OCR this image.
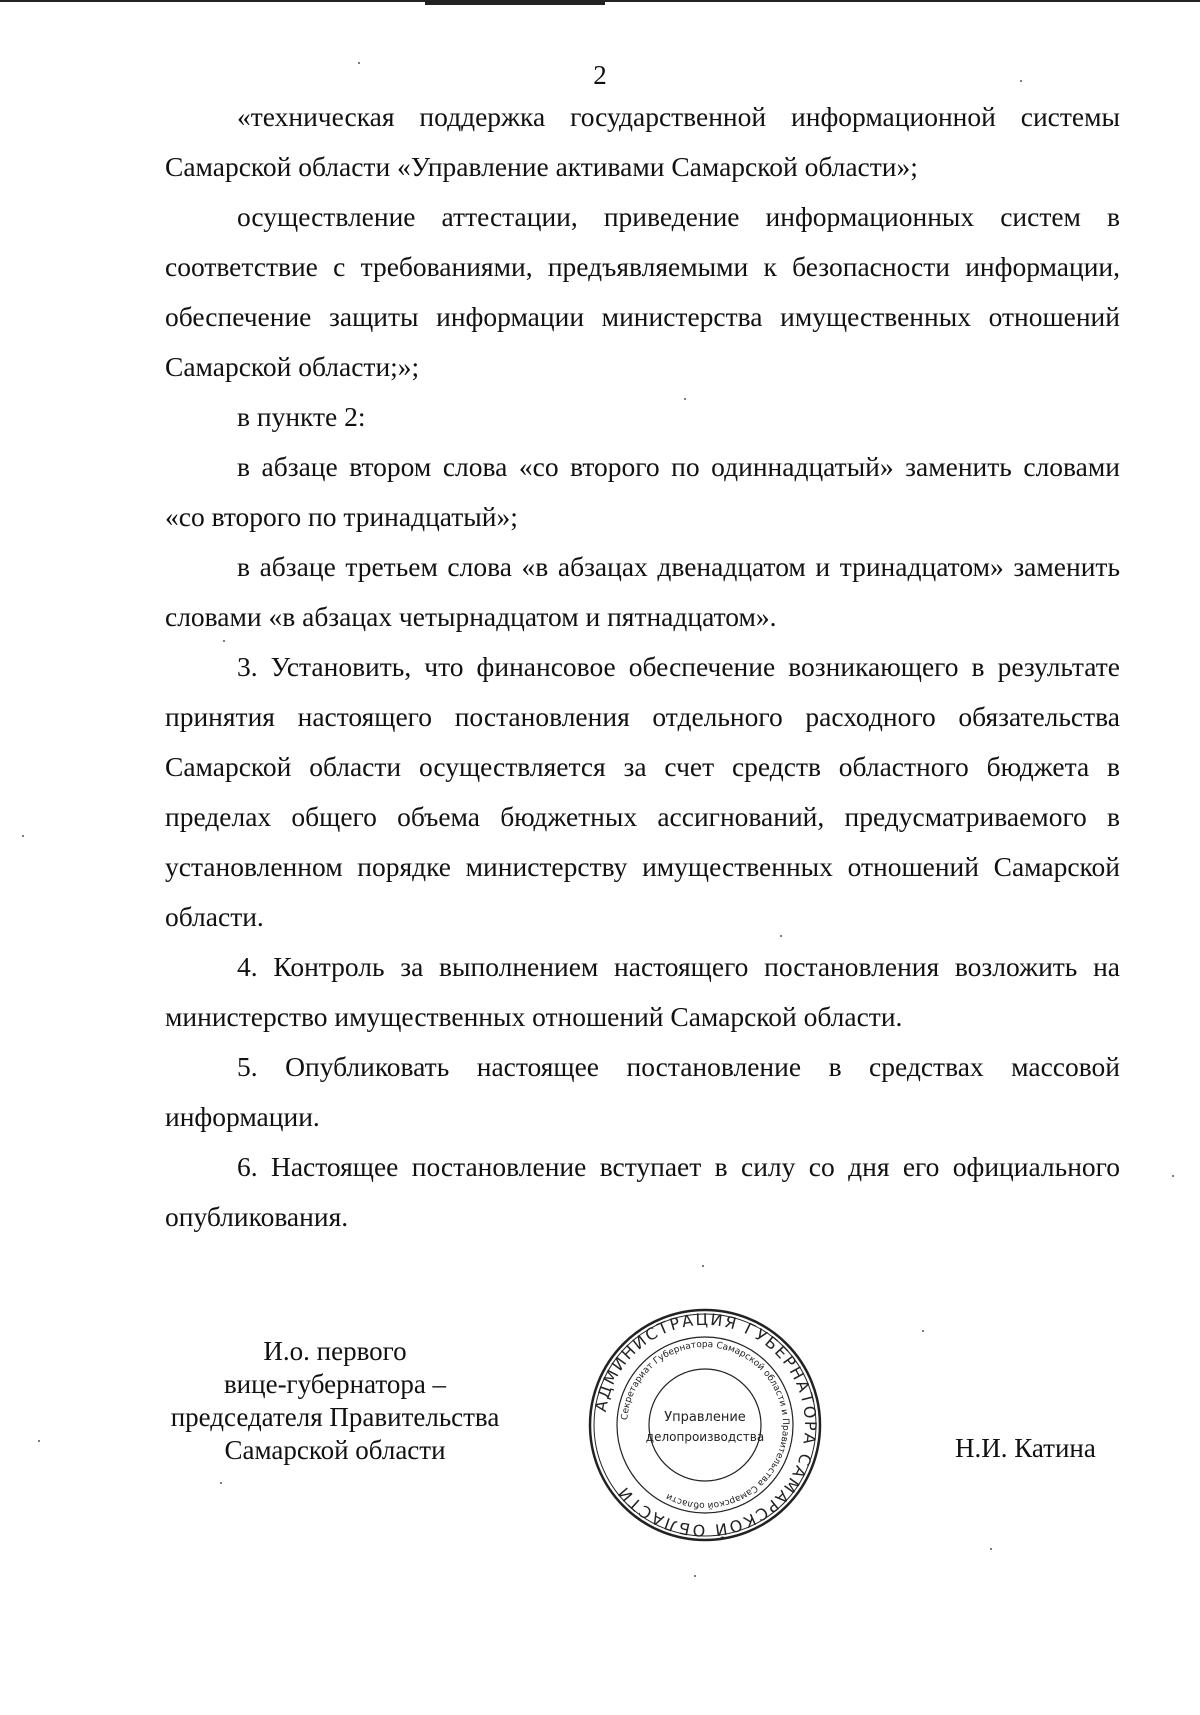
2

«техническая поддержка государственной информационной системы Самарской области «Управление активами Самарской области»;

осуществление аттестации, приведение информационных систем в соответствие с требованиями, предъявляемыми к безопасности информации, обеспечение защиты информации министерства имущественных отношений Самарской области;»;

в пункте 2:

в абзаце втором слова «со второго по одиннадцатый» заменить словами «со второго по тринадцатый»;

в абзаце третьем слова «в абзацах двенадцатом и тринадцатом» заменить словами «в абзацах четырнадцатом и пятнадцатом».

3. Установить, что финансовое обеспечение возникающего в результате принятия настоящего постановления отдельного расходного обязательства Самарской области осуществляется за счет средств областного бюджета в пределах общего объема бюджетных ассигнований, предусматриваемого в установленном порядке министерству имущественных отношений Самарской области.

4. Контроль за выполнением настоящего постановления возложить на министерство имущественных отношений Самарской области.

5. Опубликовать настоящее постановление в средствах массовой информации.

6. Настоящее постановление вступает в силу со дня его официального опубликования.

И.о. первого
вице-губернатора –
председателя Правительства
Самарской области
АДМИНИСТРАЦИЯ ГУБЕРНАТОРА САМАРСКОЙ ОБЛАСТИ
Секретариат Губернатора Самарской области и Правительства Самарской области
Управление
делопроизводства	Н.И. Катина
